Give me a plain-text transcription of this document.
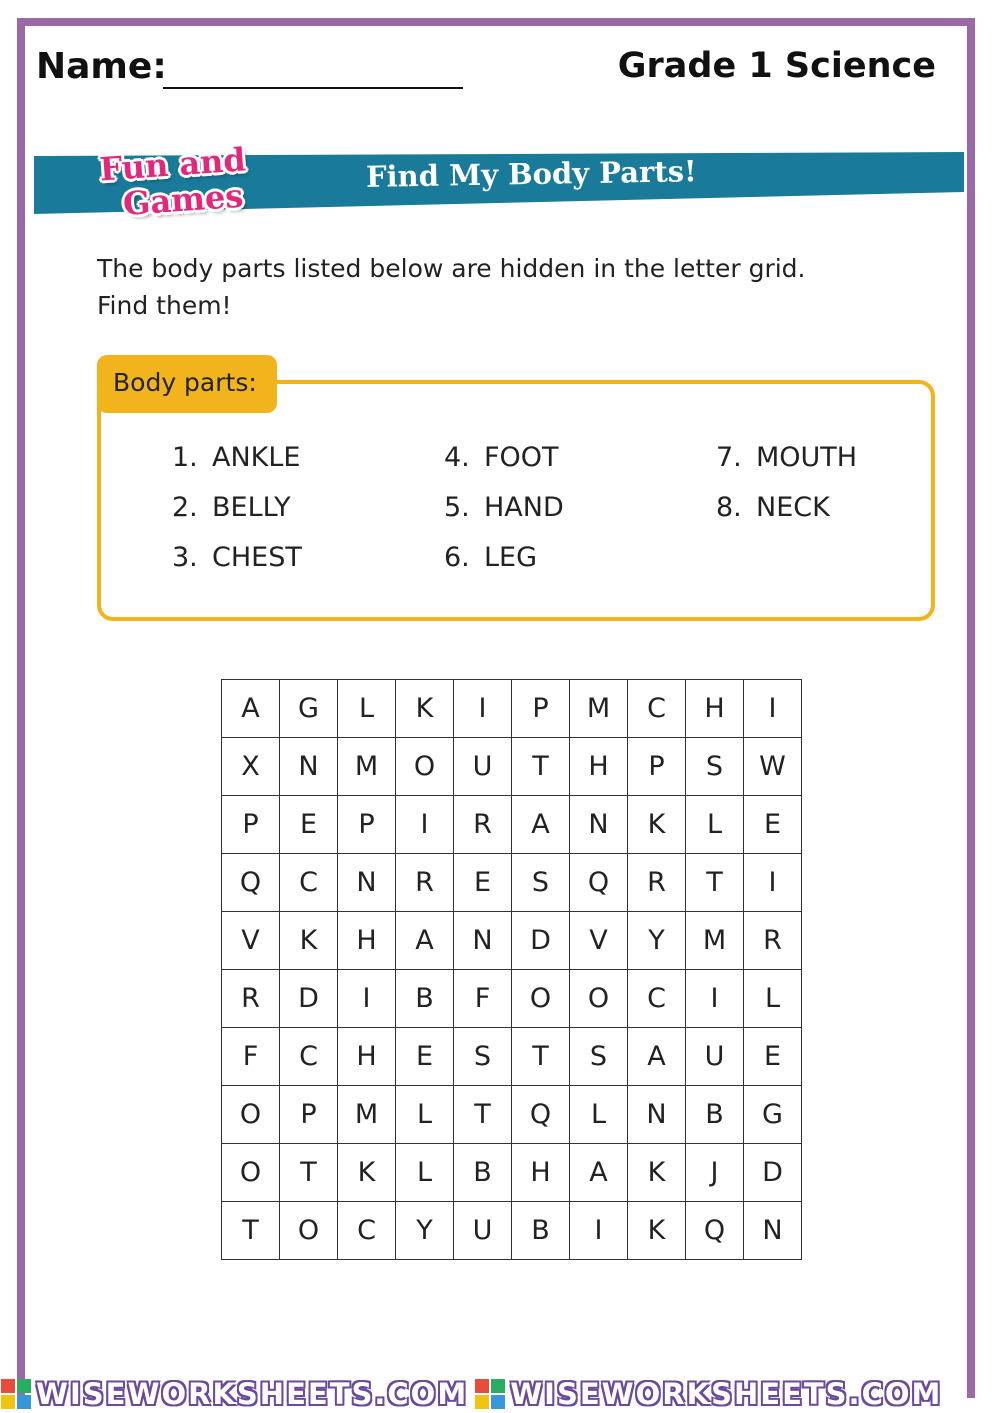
Name:	Grade 1 Science
Fun and
Games
Find My Body Parts!
The body parts listed below are hidden in the letter grid.
Find them!
Body parts:
1. ANKLE
2. BELLY
3. CHEST
4. FOOT
5. HAND
6. LEG
7. MOUTH
8. NECK
A	G	L	K	I	P	M	C	H	I
X	N	M	O	U	T	H	P	S	W
P	E	P	I	R	A	N	K	L	E
Q	C	N	R	E	S	Q	R	T	I
V	K	H	A	N	D	V	Y	M	R
R	D	I	B	F	O	O	C	I	L
F	C	H	E	S	T	S	A	U	E
O	P	M	L	T	Q	L	N	B	G
O	T	K	L	B	H	A	K	J	D
T	O	C	Y	U	B	I	K	Q	N
WISEWORKSHEETS.COM WISEWORKSHEETS.COM
